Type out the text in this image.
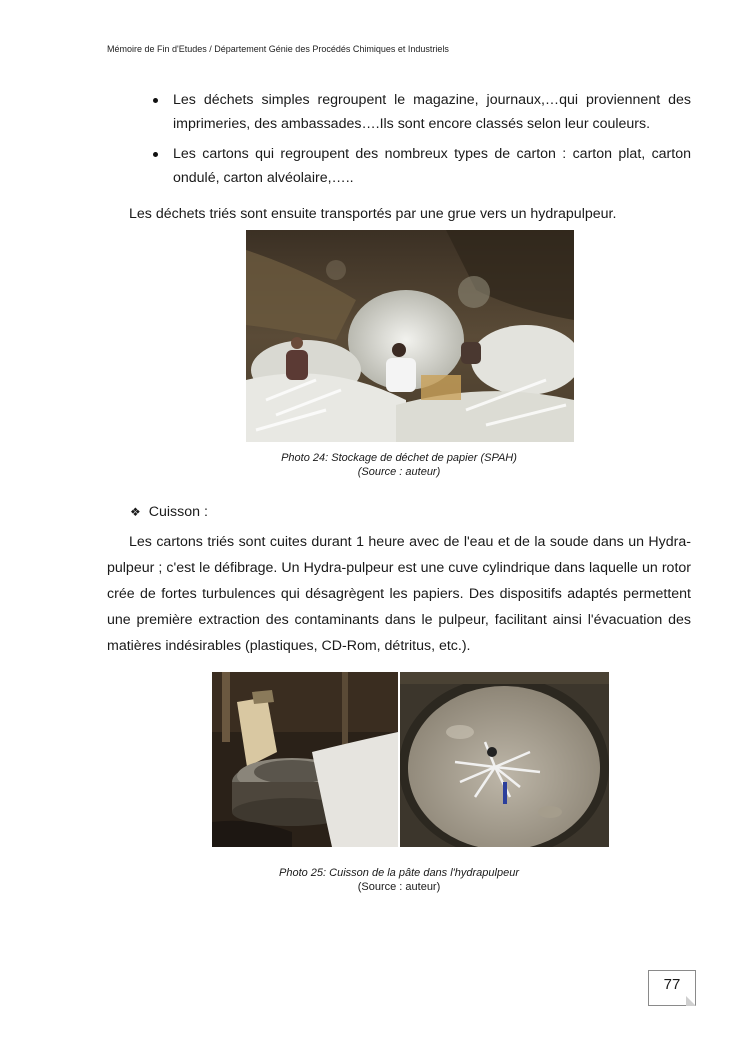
Mémoire de Fin d'Etudes / Département Génie des Procédés Chimiques et Industriels
Les déchets simples regroupent le magazine, journaux,…qui proviennent des imprimeries, des ambassades….Ils sont encore classés selon leur couleurs.
Les cartons qui regroupent des nombreux types de carton : carton plat, carton ondulé, carton alvéolaire,…..

Les déchets triés sont ensuite transportés par une grue vers un hydrapulpeur.

Photo 24: Stockage de déchet de papier (SPAH)
(Source : auteur)
❖ Cuisson :

Les cartons triés sont cuites durant 1 heure avec de l'eau et de la soude dans un Hydra-pulpeur ; c'est le défibrage. Un Hydra-pulpeur est une cuve cylindrique dans laquelle un rotor crée de fortes turbulences qui désagrègent les papiers. Des dispositifs adaptés permettent une première extraction des contaminants dans le pulpeur, facilitant ainsi l'évacuation des matières indésirables (plastiques, CD-Rom, détritus, etc.).

Photo 25: Cuisson de la pâte dans l'hydrapulpeur
(Source : auteur)
77
